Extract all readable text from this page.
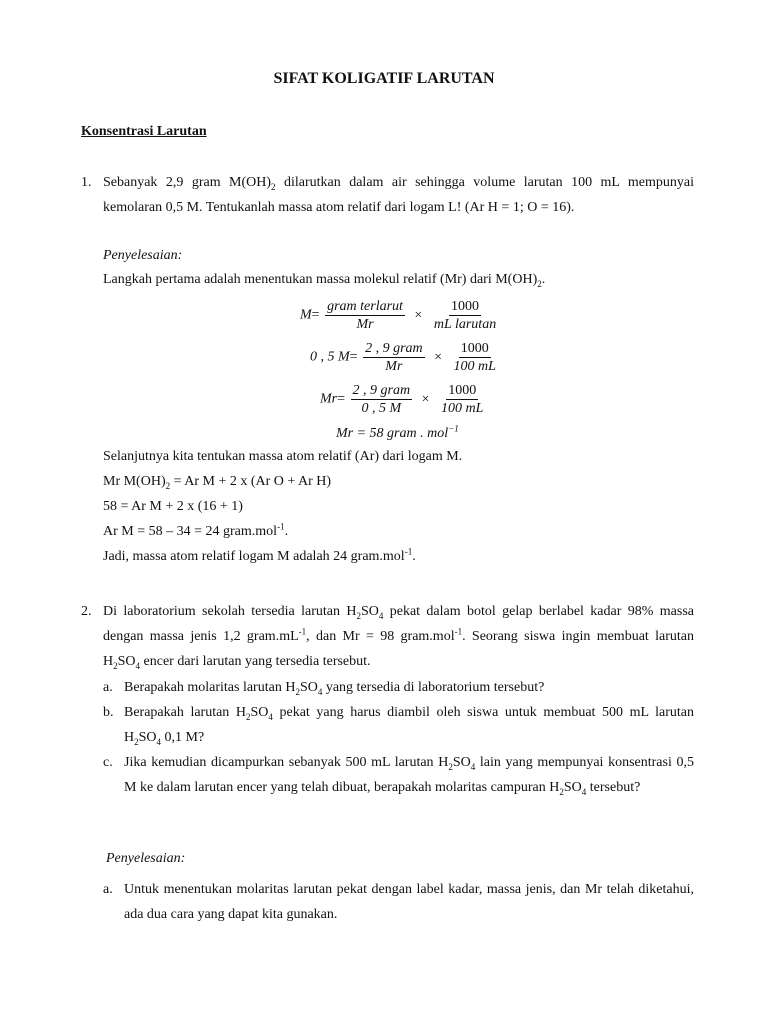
SIFAT KOLIGATIF LARUTAN
Konsentrasi Larutan
1. Sebanyak 2,9 gram $M(OH)_2$ dilarutkan dalam air sehingga volume larutan 100 mL mempunyai kemolaran 0,5 M. Tentukanlah massa atom relatif dari logam L! (Ar H = 1; O = 16).
Penyelesaian:
Langkah pertama adalah menentukan massa molekul relatif (Mr) dari $M(OH)_2$.
$M= \frac{\text{gram terlarut}}{Mr} \times \frac{1000}{\text{mL larutan}}$
0 , 5 $M= \frac{\text{2 , 9 gram}}{Mr} \times \frac{1000}{100 mL}$
$Mr= \frac{\text{2 , 9 gram}}{0 , 5 M} \times \frac{1000}{100 mL}$
Mr = 58 gram . mol$^{-1}$
Selanjutnya kita tentukan massa atom relatif (Ar) dari logam M.
Mr $M(OH)_2 = Ar$ M + 2 x (Ar O + Ar H)
58 = Ar M + 2 x (16 + 1)
Ar M = 58 – 34 = 24 gram.mol$^{-1}$.
Jadi, massa atom relatif logam M adalah 24 gram.mol$^{-1}$.
2. Di laboratorium sekolah tersedia larutan $H_2SO_4$ pekat dalam botol gelap berlabel kadar 98% massa dengan massa jenis 1,2 $gram.mL^{-1}$, dan Mr = 98 gram.mol$^{-1}$. Seorang siswa ingin membuat larutan $H_2SO_4$ encer dari larutan yang tersedia tersebut.
a. Berapakah molaritas larutan $H_2SO_4$ yang tersedia di laboratorium tersebut?
b. Berapakah larutan $H_2SO_4$ pekat yang harus diambil oleh siswa untuk membuat 500 mL larutan $H_2SO_4$ 0,1 M?
c. Jika kemudian dicampurkan sebanyak 500 mL larutan $H_2SO_4$ lain yang mempunyai konsentrasi 0,5 M ke dalam larutan encer yang telah dibuat, berapakah molaritas campuran $H_2SO_4$ tersebut?
Penyelesaian:
a. Untuk menentukan molaritas larutan pekat dengan label kadar, massa jenis, dan Mr telah diketahui, ada dua cara yang dapat kita gunakan.
